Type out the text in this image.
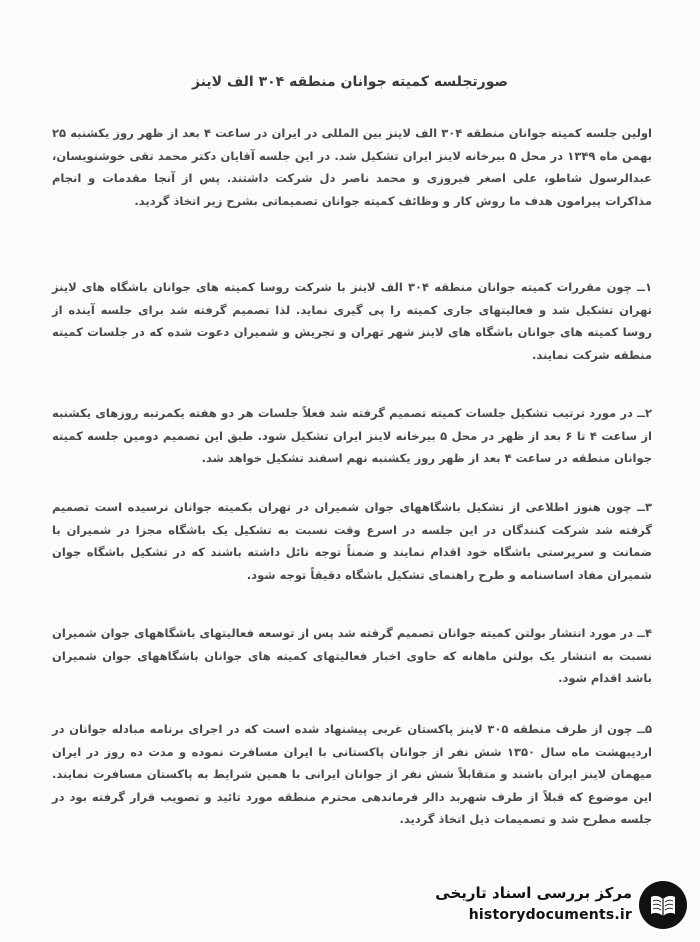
صورتجلسه کمیته جوانان منطقه ۳۰۴ الف لاینز

اولین جلسه کمیته جوانان منطقه ۳۰۴ الف لاینز بین المللی در ایران در ساعت ۴ بعد از ظهر روز یکشنبه ۲۵ بهمن ماه ۱۳۴۹ در محل ۵ بیرخانه لاینز ایران تشکیل شد. در این جلسه آقایان دکتر محمد تقی خوشنویسان، عبدالرسول شاطو، علی اصغر فیروزی و محمد ناصر دل شرکت داشتند. پس از آنجا مقدمات و انجام مذاکرات پیرامون هدف ما روش کار و وظائف کمیته جوانان تصمیماتی بشرح زیر اتخاذ گردید.

۱ــ چون مقررات کمیته جوانان منطقه ۳۰۴ الف لاینز با شرکت روسا کمیته های جوانان باشگاه های لاینز تهران تشکیل شد و فعالیتهای جاری کمیته را پی گیری نماید. لذا تصمیم گرفته شد برای جلسه آینده از روسا کمیته های جوانان باشگاه های لاینز شهر تهران و تجریش و شمیران دعوت شده که در جلسات کمیته منطقه شرکت نمایند.

۲ــ در مورد ترتیب تشکیل جلسات کمیته تصمیم گرفته شد فعلاً جلسات هر دو هفته یکمرتبه روزهای یکشنبه از ساعت ۴ تا ۶ بعد از ظهر در محل ۵ بیرخانه لاینز ایران تشکیل شود. طبق این تصمیم دومین جلسه کمیته جوانان منطقه در ساعت ۴ بعد از ظهر روز یکشنبه نهم اسفند تشکیل خواهد شد.

۳ــ چون هنوز اطلاعی از تشکیل باشگاههای جوان شمیران در تهران بکمیته جوانان نرسیده است تصمیم گرفته شد شرکت کنندگان در این جلسه در اسرع وقت نسبت به تشکیل یک باشگاه مجزا در شمیران با ضمانت و سرپرستی باشگاه خود اقدام نمایند و ضمناً توجه نائل داشته باشند که در تشکیل باشگاه جوان شمیران مفاد اساسنامه و طرح راهنمای تشکیل باشگاه دقیقاً توجه شود.

۴ــ در مورد انتشار بولتن کمیته جوانان تصمیم گرفته شد پس از توسعه فعالیتهای باشگاههای جوان شمیران نسبت به انتشار یک بولتن ماهانه که حاوی اخبار فعالیتهای کمیته های جوانان باشگاههای جوان شمیران باشد اقدام شود.

۵ــ چون از طرف منطقه ۳۰۵ لاینز پاکستان غربی پیشنهاد شده است که در اجرای برنامه مبادله جوانان در اردیبهشت ماه سال ۱۳۵۰ شش نفر از جوانان پاکستانی با ایران مسافرت نموده و مدت ده روز در ایران میهمان لاینز ایران باشند و متقابلاً شش نفر از جوانان ایرانی با همین شرایط به پاکستان مسافرت نمایند. این موضوع که قبلاً از طرف شهربد دالر فرماندهی محترم منطقه مورد تائید و تصویب قرار گرفته بود در جلسه مطرح شد و تصمیمات ذیل اتخاذ گردید.

مرکز بررسی اسناد تاریخی
historydocuments.ir
